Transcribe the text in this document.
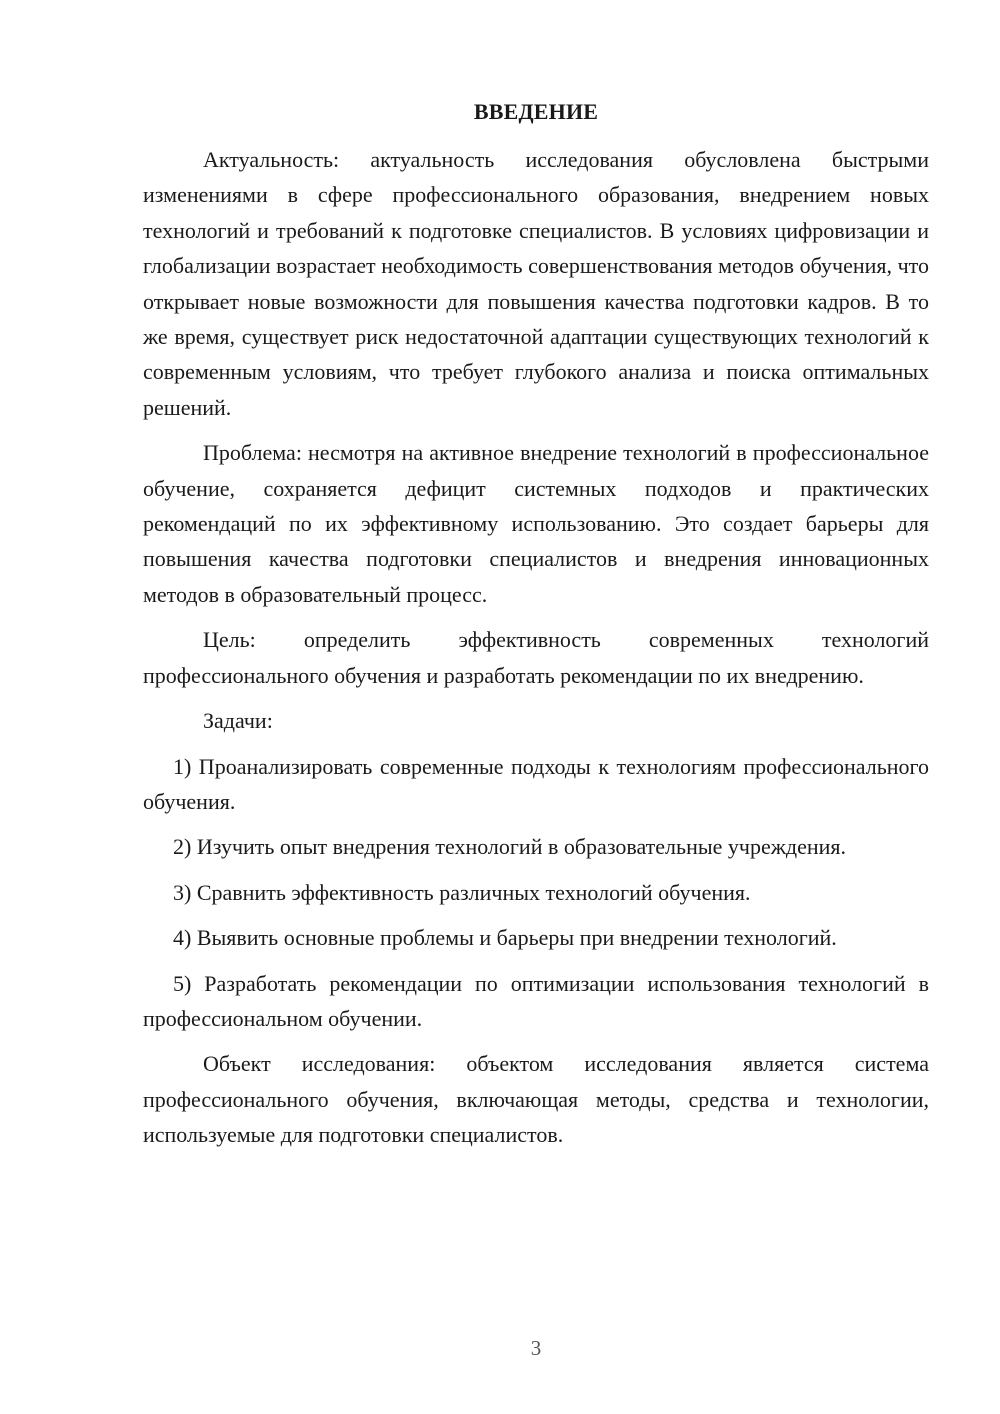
ВВЕДЕНИЕ

Актуальность: актуальность исследования обусловлена быстрыми изменениями в сфере профессионального образования, внедрением новых технологий и требований к подготовке специалистов. В условиях цифровизации и глобализации возрастает необходимость совершенствования методов обучения, что открывает новые возможности для повышения качества подготовки кадров. В то же время, существует риск недостаточной адаптации существующих технологий к современным условиям, что требует глубокого анализа и поиска оптимальных решений.

Проблема: несмотря на активное внедрение технологий в профессиональное обучение, сохраняется дефицит системных подходов и практических рекомендаций по их эффективному использованию. Это создает барьеры для повышения качества подготовки специалистов и внедрения инновационных методов в образовательный процесс.

Цель: определить эффективность современных технологий профессионального обучения и разработать рекомендации по их внедрению.

Задачи:

1) Проанализировать современные подходы к технологиям профессионального обучения.

2) Изучить опыт внедрения технологий в образовательные учреждения.

3) Сравнить эффективность различных технологий обучения.

4) Выявить основные проблемы и барьеры при внедрении технологий.

5) Разработать рекомендации по оптимизации использования технологий в профессиональном обучении.

Объект исследования: объектом исследования является система профессионального обучения, включающая методы, средства и технологии, используемые для подготовки специалистов.

3
